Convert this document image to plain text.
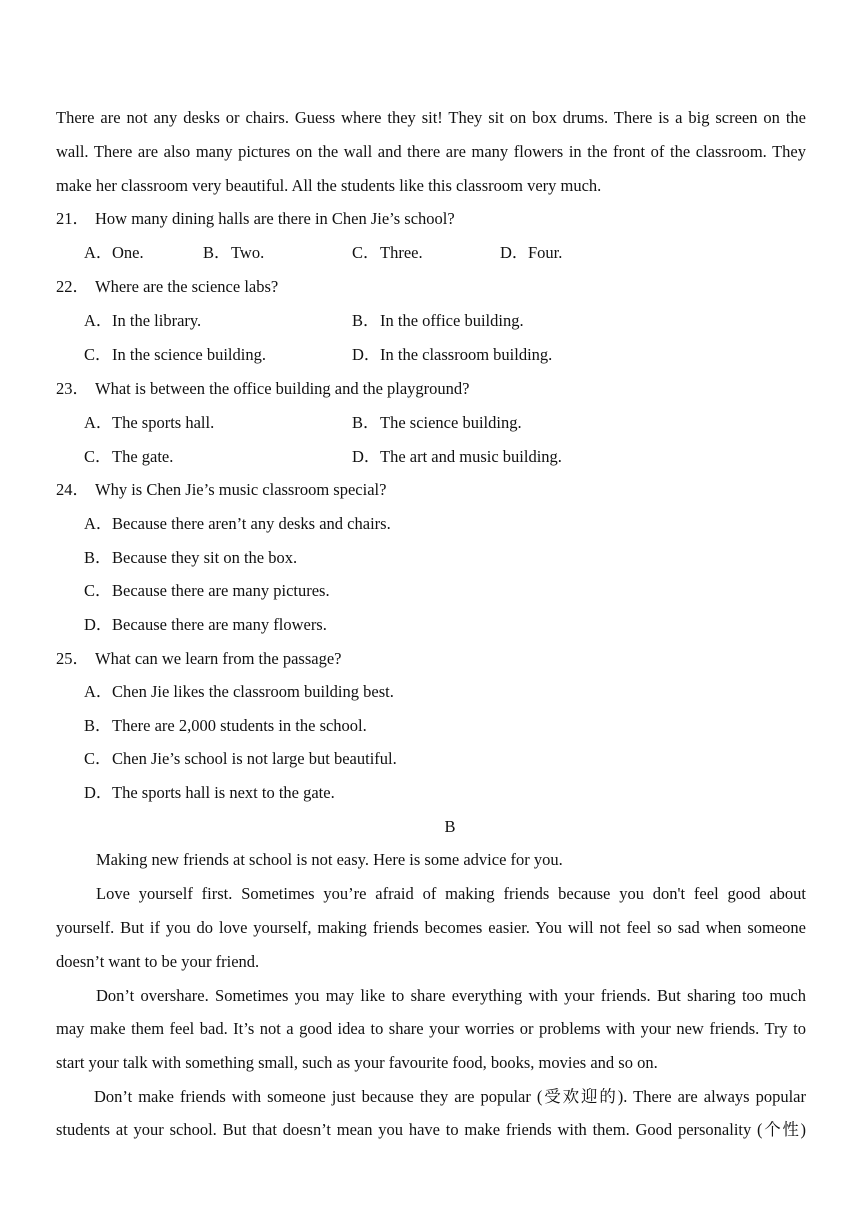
There are not any desks or chairs. Guess where they sit! They sit on box drums. There is a big screen on the
wall. There are also many pictures on the wall and there are many flowers in the front of the classroom. They
make her classroom very beautiful. All the students like this classroom very much.
21． How many dining halls are there in Chen Jie’s school?
A．One.	B．Two.	C．Three.	D．Four.
22． Where are the science labs?
A．In the library.	B．In the office building.
C．In the science building.	D．In the classroom building.
23． What is between the office building and the playground?
A．The sports hall.	B．The science building.
C．The gate.	D．The art and music building.
24． Why is Chen Jie’s music classroom special?
A．Because there aren’t any desks and chairs.
B．Because they sit on the box.
C．Because there are many pictures.
D．Because there are many flowers.
25． What can we learn from the passage?
A．Chen Jie likes the classroom building best.
B．There are 2,000 students in the school.
C．Chen Jie’s school is not large but beautiful.
D．The sports hall is next to the gate.
B
Making new friends at school is not easy. Here is some advice for you.
Love yourself first. Sometimes you’re afraid of making friends because you don't feel good about
yourself. But if you do love yourself, making friends becomes easier. You will not feel so sad when someone
doesn’t want to be your friend.
Don’t overshare. Sometimes you may like to share everything with your friends. But sharing too much
may make them feel bad. It’s not a good idea to share your worries or problems with your new friends. Try to
start your talk with something small, such as your favourite food, books, movies and so on.
Don’t make friends with someone just because they are popular (受欢迎的). There are always popular
students at your school. But that doesn’t mean you have to make friends with them. Good personality (个性)
